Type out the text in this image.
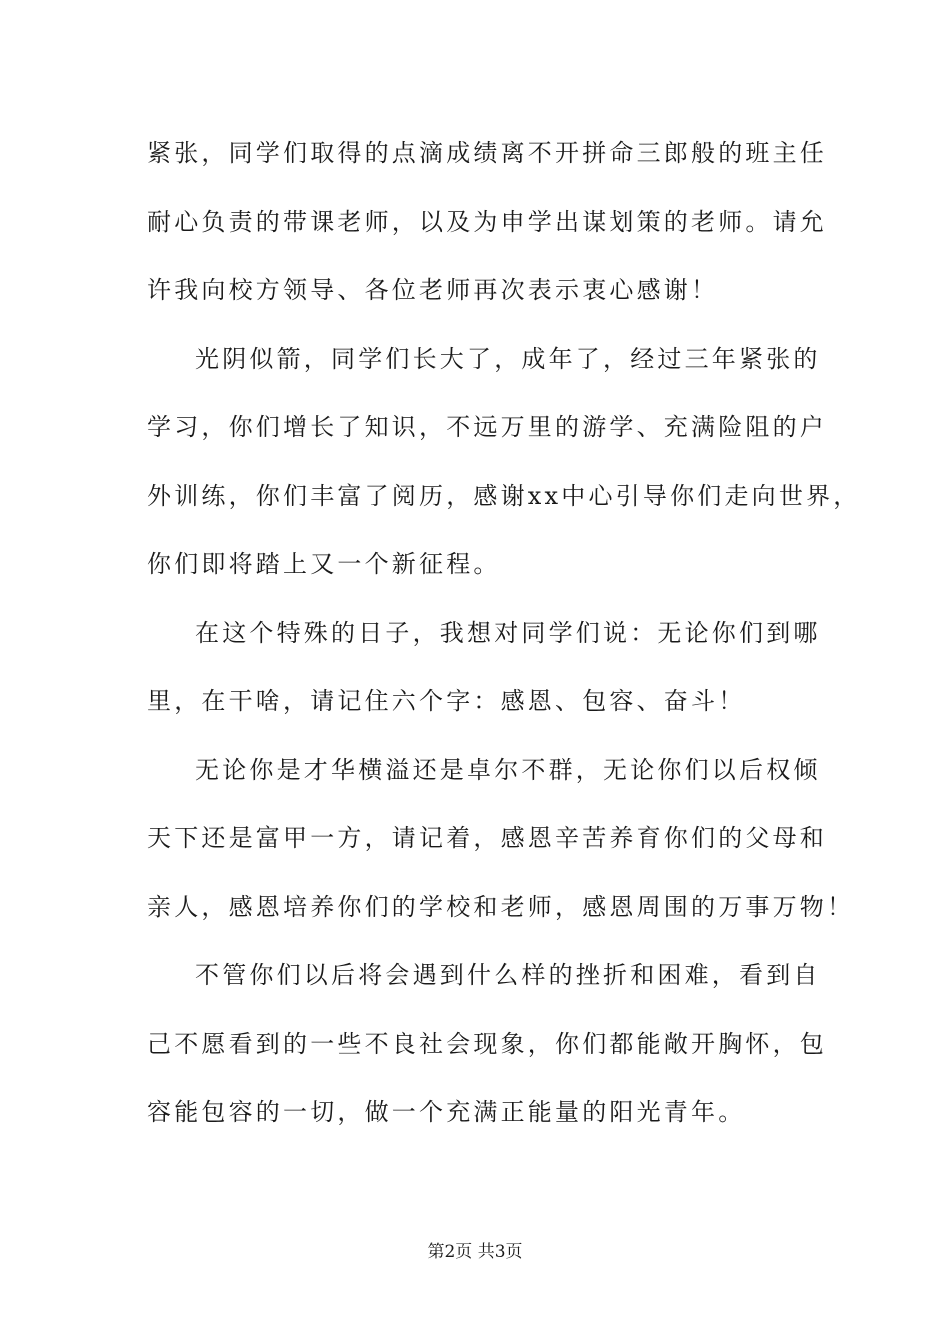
紧张，同学们取得的点滴成绩离不开拼命三郎般的班主任
耐心负责的带课老师，以及为申学出谋划策的老师。请允
许我向校方领导、各位老师再次表示衷心感谢！
光阴似箭，同学们长大了，成年了，经过三年紧张的
学习，你们增长了知识，不远万里的游学、充满险阻的户
外训练，你们丰富了阅历，感谢xx中心引导你们走向世界，
你们即将踏上又一个新征程。
在这个特殊的日子，我想对同学们说：无论你们到哪
里，在干啥，请记住六个字：感恩、包容、奋斗！
无论你是才华横溢还是卓尔不群，无论你们以后权倾
天下还是富甲一方，请记着，感恩辛苦养育你们的父母和
亲人，感恩培养你们的学校和老师，感恩周围的万事万物！
不管你们以后将会遇到什么样的挫折和困难，看到自
己不愿看到的一些不良社会现象，你们都能敞开胸怀，包
容能包容的一切，做一个充满正能量的阳光青年。
第2页 共3页
